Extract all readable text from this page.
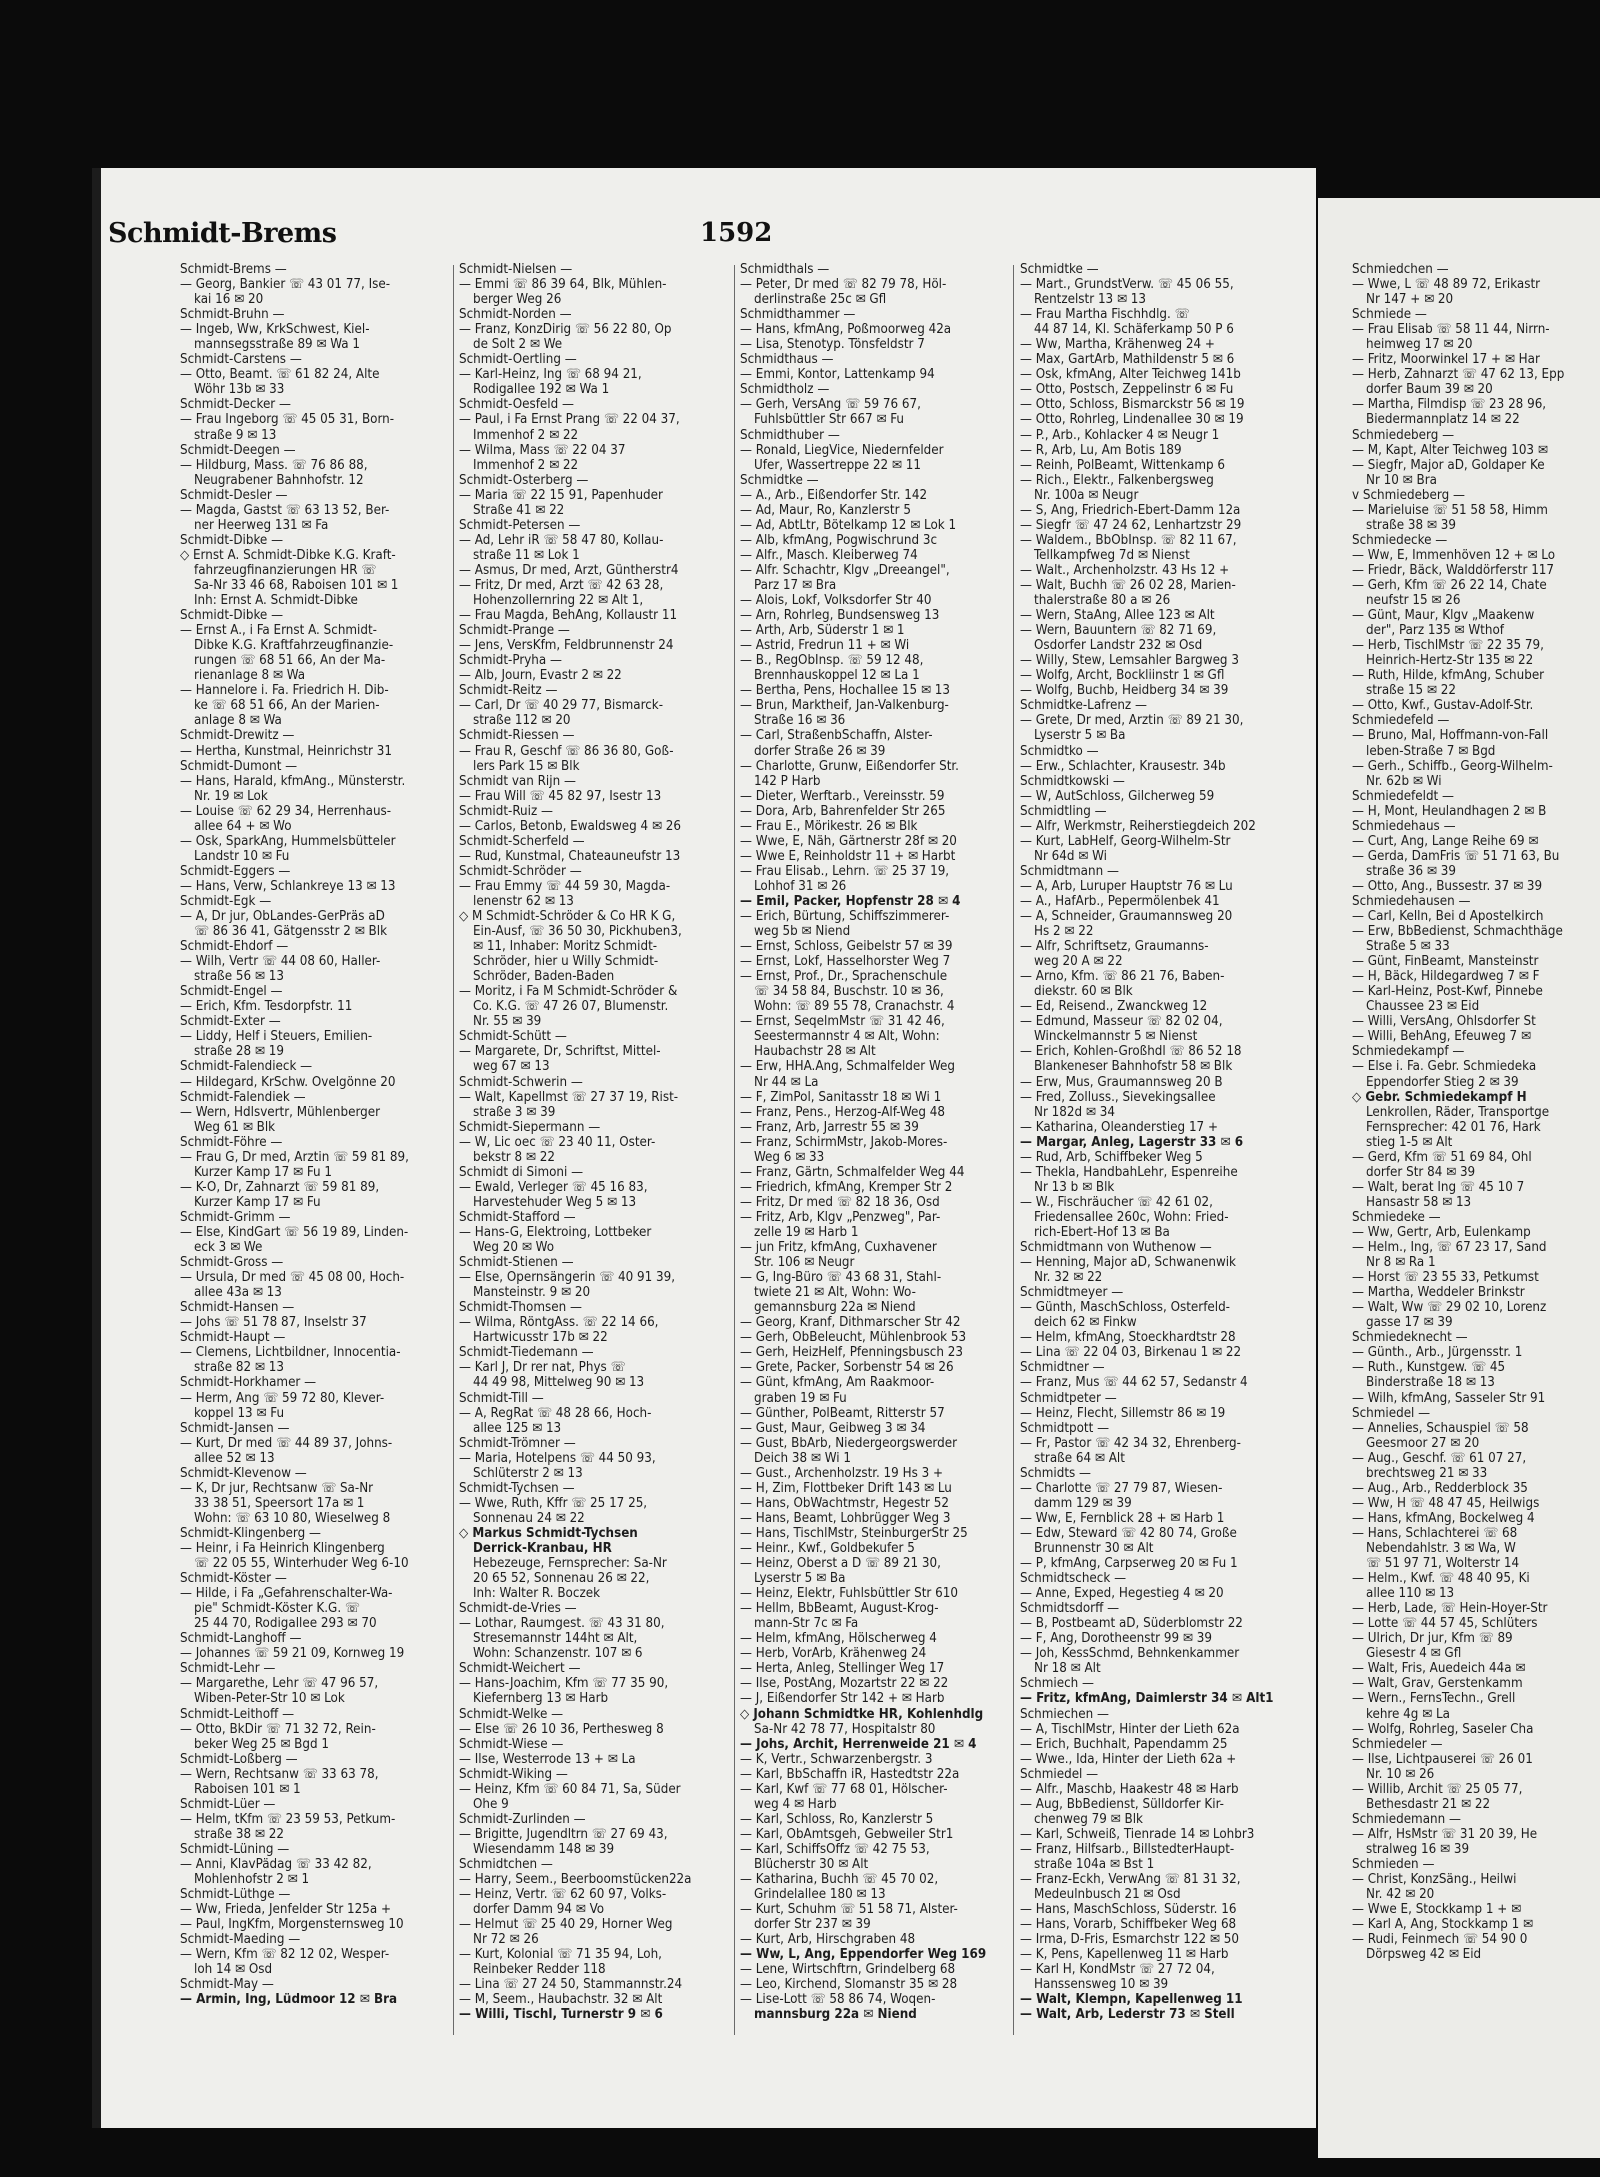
Schmidt-Brems	1592
Schmidt-Brems —
— Georg, Bankier ☏ 43 01 77, Ise-
kai 16 ✉ 20
Schmidt-Bruhn —
— Ingeb, Ww, KrkSchwest, Kiel-
mannsegsstraße 89 ✉ Wa 1
Schmidt-Carstens —
— Otto, Beamt. ☏ 61 82 24, Alte
Wöhr 13b ✉ 33
Schmidt-Decker —
— Frau Ingeborg ☏ 45 05 31, Born-
straße 9 ✉ 13
Schmidt-Deegen —
— Hildburg, Mass. ☏ 76 86 88,
Neugrabener Bahnhofstr. 12
Schmidt-Desler —
— Magda, Gastst ☏ 63 13 52, Ber-
ner Heerweg 131 ✉ Fa
Schmidt-Dibke —
◇ Ernst A. Schmidt-Dibke K.G. Kraft-
fahrzeugfinanzierungen HR ☏
Sa-Nr 33 46 68, Raboisen 101 ✉ 1
Inh: Ernst A. Schmidt-Dibke
Schmidt-Dibke —
— Ernst A., i Fa Ernst A. Schmidt-
Dibke K.G. Kraftfahrzeugfinanzie-
rungen ☏ 68 51 66, An der Ma-
rienanlage 8 ✉ Wa
— Hannelore i. Fa. Friedrich H. Dib-
ke ☏ 68 51 66, An der Marien-
anlage 8 ✉ Wa
Schmidt-Drewitz —
— Hertha, Kunstmal, Heinrichstr 31
Schmidt-Dumont —
— Hans, Harald, kfmAng., Münsterstr.
Nr. 19 ✉ Lok
— Louise ☏ 62 29 34, Herrenhaus-
allee 64 + ✉ Wo
— Osk, SparkAng, Hummelsbütteler
Landstr 10 ✉ Fu
Schmidt-Eggers —
— Hans, Verw, Schlankreye 13 ✉ 13
Schmidt-Egk —
— A, Dr jur, ObLandes-GerPräs aD
☏ 86 36 41, Gätgensstr 2 ✉ Blk
Schmidt-Ehdorf —
— Wilh, Vertr ☏ 44 08 60, Haller-
straße 56 ✉ 13
Schmidt-Engel —
— Erich, Kfm. Tesdorpfstr. 11
Schmidt-Exter —
— Liddy, Helf i Steuers, Emilien-
straße 28 ✉ 19
Schmidt-Falendieck —
— Hildegard, KrSchw. Övelgönne 20
Schmidt-Falendiek —
— Wern, Hdlsvertr, Mühlenberger
Weg 61 ✉ Blk
Schmidt-Föhre —
— Frau G, Dr med, Ärztin ☏ 59 81 89,
Kurzer Kamp 17 ✉ Fu 1
— K-O, Dr, Zahnarzt ☏ 59 81 89,
Kurzer Kamp 17 ✉ Fu
Schmidt-Grimm —
— Else, KindGart ☏ 56 19 89, Linden-
eck 3 ✉ We
Schmidt-Gross —
— Ursula, Dr med ☏ 45 08 00, Hoch-
allee 43a ✉ 13
Schmidt-Hansen —
— Johs ☏ 51 78 87, Inselstr 37
Schmidt-Haupt —
— Clemens, Lichtbildner, Innocentia-
straße 82 ✉ 13
Schmidt-Horkhamer —
— Herm, Ang ☏ 59 72 80, Klever-
koppel 13 ✉ Fu
Schmidt-Jansen —
— Kurt, Dr med ☏ 44 89 37, Johns-
allee 52 ✉ 13
Schmidt-Klevenow —
— K, Dr jur, Rechtsanw ☏ Sa-Nr
33 38 51, Speersort 17a ✉ 1
Wohn: ☏ 63 10 80, Wieselweg 8
Schmidt-Klingenberg —
— Heinr, i Fa Heinrich Klingenberg
☏ 22 05 55, Winterhuder Weg 6-10
Schmidt-Köster —
— Hilde, i Fa „Gefahrenschalter-Wa-
pie" Schmidt-Köster K.G. ☏
25 44 70, Rodigallee 293 ✉ 70
Schmidt-Langhoff —
— Johannes ☏ 59 21 09, Kornweg 19
Schmidt-Lehr —
— Margarethe, Lehr ☏ 47 96 57,
Wiben-Peter-Str 10 ✉ Lok
Schmidt-Leithoff —
— Otto, BkDir ☏ 71 32 72, Rein-
beker Weg 25 ✉ Bgd 1
Schmidt-Loßberg —
— Wern, Rechtsanw ☏ 33 63 78,
Raboisen 101 ✉ 1
Schmidt-Lüer —
— Helm, tKfm ☏ 23 59 53, Petkum-
straße 38 ✉ 22
Schmidt-Lüning —
— Anni, KlavPädag ☏ 33 42 82,
Mohlenhofstr 2 ✉ 1
Schmidt-Lüthge —
— Ww, Frieda, Jenfelder Str 125a +
— Paul, IngKfm, Morgensternsweg 10
Schmidt-Maeding —
— Wern, Kfm ☏ 82 12 02, Wesper-
loh 14 ✉ Osd
Schmidt-May —
— Armin, Ing, Lüdmoor 12 ✉ Bra
Schmidt-Nielsen —
— Emmi ☏ 86 39 64, Blk, Mühlen-
berger Weg 26
Schmidt-Norden —
— Franz, KonzDirig ☏ 56 22 80, Op
de Solt 2 ✉ We
Schmidt-Oertling —
— Karl-Heinz, Ing ☏ 68 94 21,
Rodigallee 192 ✉ Wa 1
Schmidt-Oesfeld —
— Paul, i Fa Ernst Prang ☏ 22 04 37,
Immenhof 2 ✉ 22
— Wilma, Mass ☏ 22 04 37
Immenhof 2 ✉ 22
Schmidt-Osterberg —
— Maria ☏ 22 15 91, Papenhuder
Straße 41 ✉ 22
Schmidt-Petersen —
— Ad, Lehr iR ☏ 58 47 80, Kollau-
straße 11 ✉ Lok 1
— Asmus, Dr med, Arzt, Güntherstr4
— Fritz, Dr med, Arzt ☏ 42 63 28,
Hohenzollernring 22 ✉ Alt 1,
— Frau Magda, BehAng, Kollaustr 11
Schmidt-Prange —
— Jens, VersKfm, Feldbrunnenstr 24
Schmidt-Pryha —
— Alb, Journ, Evastr 2 ✉ 22
Schmidt-Reitz —
— Carl, Dr ☏ 40 29 77, Bismarck-
straße 112 ✉ 20
Schmidt-Riessen —
— Frau R, Geschf ☏ 86 36 80, Goß-
lers Park 15 ✉ Blk
Schmidt van Rijn —
— Frau Will ☏ 45 82 97, Isestr 13
Schmidt-Ruiz —
— Carlos, Betonb, Ewaldsweg 4 ✉ 26
Schmidt-Scherfeld —
— Rud, Kunstmal, Chateauneufstr 13
Schmidt-Schröder —
— Frau Emmy ☏ 44 59 30, Magda-
lenenstr 62 ✉ 13
◇ M Schmidt-Schröder & Co HR K G,
Ein-Ausf, ☏ 36 50 30, Pickhuben3,
✉ 11, Inhaber: Moritz Schmidt-
Schröder, hier u Willy Schmidt-
Schröder, Baden-Baden
— Moritz, i Fa M Schmidt-Schröder &
Co. K.G. ☏ 47 26 07, Blumenstr.
Nr. 55 ✉ 39
Schmidt-Schütt —
— Margarete, Dr, Schriftst, Mittel-
weg 67 ✉ 13
Schmidt-Schwerin —
— Walt, Kapellmst ☏ 27 37 19, Rist-
straße 3 ✉ 39
Schmidt-Siepermann —
— W, Lic oec ☏ 23 40 11, Oster-
bekstr 8 ✉ 22
Schmidt di Simoni —
— Ewald, Verleger ☏ 45 16 83,
Harvestehuder Weg 5 ✉ 13
Schmidt-Stafford —
— Hans-G, Elektroing, Lottbeker
Weg 20 ✉ Wo
Schmidt-Stienen —
— Else, Opernsängerin ☏ 40 91 39,
Mansteinstr. 9 ✉ 20
Schmidt-Thomsen —
— Wilma, RöntgAss. ☏ 22 14 66,
Hartwicusstr 17b ✉ 22
Schmidt-Tiedemann —
— Karl J, Dr rer nat, Phys ☏
44 49 98, Mittelweg 90 ✉ 13
Schmidt-Till —
— A, RegRat ☏ 48 28 66, Hoch-
allee 125 ✉ 13
Schmidt-Trömner —
— Maria, Hotelpens ☏ 44 50 93,
Schlüterstr 2 ✉ 13
Schmidt-Tychsen —
— Wwe, Ruth, Kffr ☏ 25 17 25,
Sonnenau 24 ✉ 22
◇ Markus Schmidt-Tychsen
Derrick-Kranbau, HR
Hebezeuge, Fernsprecher: Sa-Nr
20 65 52, Sonnenau 26 ✉ 22,
Inh: Walter R. Boczek
Schmidt-de-Vries —
— Lothar, Raumgest. ☏ 43 31 80,
Stresemannstr 144ht ✉ Alt,
Wohn: Schanzenstr. 107 ✉ 6
Schmidt-Weichert —
— Hans-Joachim, Kfm ☏ 77 35 90,
Kiefernberg 13 ✉ Harb
Schmidt-Welke —
— Else ☏ 26 10 36, Perthesweg 8
Schmidt-Wiese —
— Ilse, Westerrode 13 + ✉ La
Schmidt-Wiking —
— Heinz, Kfm ☏ 60 84 71, Sa, Süder
Ohe 9
Schmidt-Zurlinden —
— Brigitte, Jugendltrn ☏ 27 69 43,
Wiesendamm 148 ✉ 39
Schmidtchen —
— Harry, Seem., Beerboomstücken22a
— Heinz, Vertr. ☏ 62 60 97, Volks-
dorfer Damm 94 ✉ Vo
— Helmut ☏ 25 40 29, Horner Weg
Nr 72 ✉ 26
— Kurt, Kolonial ☏ 71 35 94, Loh,
Reinbeker Redder 118
— Lina ☏ 27 24 50, Stammannstr.24
— M, Seem., Haubachstr. 32 ✉ Alt
— Willi, Tischl, Turnerstr 9 ✉ 6
Schmidthals —
— Peter, Dr med ☏ 82 79 78, Höl-
derlinstraße 25c ✉ Gfl
Schmidthammer —
— Hans, kfmAng, Poßmoorweg 42a
— Lisa, Stenotyp. Tönsfeldstr 7
Schmidthaus —
— Emmi, Kontor, Lattenkamp 94
Schmidtholz —
— Gerh, VersAng ☏ 59 76 67,
Fuhlsbüttler Str 667 ✉ Fu
Schmidthuber —
— Ronald, LiegVice, Niedernfelder
Ufer, Wassertreppe 22 ✉ 11
Schmidtke —
— A., Arb., Eißendorfer Str. 142
— Ad, Maur, Ro, Kanzlerstr 5
— Ad, AbtLtr, Bötelkamp 12 ✉ Lok 1
— Alb, kfmAng, Pogwischrund 3c
— Alfr., Masch. Kleiberweg 74
— Alfr. Schachtr, Klgv „Dreeangel",
Parz 17 ✉ Bra
— Alois, Lokf, Volksdorfer Str 40
— Arn, Rohrleg, Bundsensweg 13
— Arth, Arb, Süderstr 1 ✉ 1
— Astrid, Fredrun 11 + ✉ Wi
— B., RegObInsp. ☏ 59 12 48,
Brennhauskoppel 12 ✉ La 1
— Bertha, Pens, Hochallee 15 ✉ 13
— Brun, Marktheif, Jan-Valkenburg-
Straße 16 ✉ 36
— Carl, StraßenbSchaffn, Alster-
dorfer Straße 26 ✉ 39
— Charlotte, Grunw, Eißendorfer Str.
142 P Harb
— Dieter, Werftarb., Vereinsstr. 59
— Dora, Arb, Bahrenfelder Str 265
— Frau E., Mörikestr. 26 ✉ Blk
— Wwe, E, Näh, Gärtnerstr 28f ✉ 20
— Wwe E, Reinholdstr 11 + ✉ Harbt
— Frau Elisab., Lehrn. ☏ 25 37 19,
Lohhof 31 ✉ 26
— Emil, Packer, Hopfenstr 28 ✉ 4
— Erich, Bürtung, Schiffszimmerer-
weg 5b ✉ Niend
— Ernst, Schloss, Geibelstr 57 ✉ 39
— Ernst, Lokf, Hasselhorster Weg 7
— Ernst, Prof., Dr., Sprachenschule
☏ 34 58 84, Buschstr. 10 ✉ 36,
Wohn: ☏ 89 55 78, Cranachstr. 4
— Ernst, SeqelmMstr ☏ 31 42 46,
Seestermannstr 4 ✉ Alt, Wohn:
Haubachstr 28 ✉ Alt
— Erw, HHA.Ang, Schmalfelder Weg
Nr 44 ✉ La
— F, ZimPol, Sanitasstr 18 ✉ Wi 1
— Franz, Pens., Herzog-Alf-Weg 48
— Franz, Arb, Jarrestr 55 ✉ 39
— Franz, SchirmMstr, Jakob-Mores-
Weg 6 ✉ 33
— Franz, Gärtn, Schmalfelder Weg 44
— Friedrich, kfmAng, Kremper Str 2
— Fritz, Dr med ☏ 82 18 36, Osd
— Fritz, Arb, Klgv „Penzweg", Par-
zelle 19 ✉ Harb 1
— jun Fritz, kfmAng, Cuxhavener
Str. 106 ✉ Neugr
— G, Ing-Büro ☏ 43 68 31, Stahl-
twiete 21 ✉ Alt, Wohn: Wo-
gemannsburg 22a ✉ Niend
— Georg, Kranf, Dithmarscher Str 42
— Gerh, ObBeleucht, Mühlenbrook 53
— Gerh, HeizHelf, Pfenningsbusch 23
— Grete, Packer, Sorbenstr 54 ✉ 26
— Günt, kfmAng, Am Raakmoor-
graben 19 ✉ Fu
— Günther, PolBeamt, Ritterstr 57
— Gust, Maur, Geibweg 3 ✉ 34
— Gust, BbArb, Niedergeorgswerder
Deich 38 ✉ Wi 1
— Gust., Archenholzstr. 19 Hs 3 +
— H, Zim, Flottbeker Drift 143 ✉ Lu
— Hans, ObWachtmstr, Hegestr 52
— Hans, Beamt, Lohbrügger Weg 3
— Hans, TischlMstr, SteinburgerStr 25
— Heinr., Kwf., Goldbekufer 5
— Heinz, Oberst a D ☏ 89 21 30,
Lyserstr 5 ✉ Ba
— Heinz, Elektr, Fuhlsbüttler Str 610
— Hellm, BbBeamt, August-Krog-
mann-Str 7c ✉ Fa
— Helm, kfmAng, Hölscherweg 4
— Herb, VorArb, Krähenweg 24
— Herta, Anleg, Stellinger Weg 17
— Ilse, PostAng, Mozartstr 22 ✉ 22
— J, Eißendorfer Str 142 + ✉ Harb
◇ Johann Schmidtke HR, Kohlenhdlg
Sa-Nr 42 78 77, Hospitalstr 80
— Johs, Archit, Herrenweide 21 ✉ 4
— K, Vertr., Schwarzenbergstr. 3
— Karl, BbSchaffn iR, Hastedtstr 22a
— Karl, Kwf ☏ 77 68 01, Hölscher-
weg 4 ✉ Harb
— Karl, Schloss, Ro, Kanzlerstr 5
— Karl, ObAmtsgeh, Gebweiler Str1
— Karl, SchiffsOffz ☏ 42 75 53,
Blücherstr 30 ✉ Alt
— Katharina, Buchh ☏ 45 70 02,
Grindelallee 180 ✉ 13
— Kurt, Schuhm ☏ 51 58 71, Alster-
dorfer Str 237 ✉ 39
— Kurt, Arb, Hirschgraben 48
— Ww, L, Ang, Eppendorfer Weg 169
— Lene, Wirtschftrn, Grindelberg 68
— Leo, Kirchend, Slomanstr 35 ✉ 28
— Lise-Lott ☏ 58 86 74, Woqen-
mannsburg 22a ✉ Niend
Schmidtke —
— Mart., GrundstVerw. ☏ 45 06 55,
Rentzelstr 13 ✉ 13
— Frau Martha Fischhdlg. ☏
44 87 14, Kl. Schäferkamp 50 P 6
— Ww, Martha, Krähenweg 24 +
— Max, GartArb, Mathildenstr 5 ✉ 6
— Osk, kfmAng, Alter Teichweg 141b
— Otto, Postsch, Zeppelinstr 6 ✉ Fu
— Otto, Schloss, Bismarckstr 56 ✉ 19
— Otto, Rohrleg, Lindenallee 30 ✉ 19
— P., Arb., Kohlacker 4 ✉ Neugr 1
— R, Arb, Lu, Am Botis 189
— Reinh, PolBeamt, Wittenkamp 6
— Rich., Elektr., Falkenbergsweg
Nr. 100a ✉ Neugr
— S, Ang, Friedrich-Ebert-Damm 12a
— Siegfr ☏ 47 24 62, Lenhartzstr 29
— Waldem., BbObInsp. ☏ 82 11 67,
Tellkampfweg 7d ✉ Nienst
— Walt., Archenholzstr. 43 Hs 12 +
— Walt, Buchh ☏ 26 02 28, Marien-
thalerstraße 80 a ✉ 26
— Wern, StaAng, Allee 123 ✉ Alt
— Wern, Bauuntern ☏ 82 71 69,
Osdorfer Landstr 232 ✉ Osd
— Willy, Stew, Lemsahler Bargweg 3
— Wolfg, Archt, Bockliinstr 1 ✉ Gfl
— Wolfg, Buchb, Heidberg 34 ✉ 39
Schmidtke-Lafrenz —
— Grete, Dr med, Ärztin ☏ 89 21 30,
Lyserstr 5 ✉ Ba
Schmidtko —
— Erw., Schlachter, Krausestr. 34b
Schmidtkowski —
— W, AutSchloss, Gilcherweg 59
Schmidtling —
— Alfr, Werkmstr, Reiherstiegdeich 202
— Kurt, LabHelf, Georg-Wilhelm-Str
Nr 64d ✉ Wi
Schmidtmann —
— A, Arb, Luruper Hauptstr 76 ✉ Lu
— A., HafArb., Pepermölenbek 41
— A, Schneider, Graumannsweg 20
Hs 2 ✉ 22
— Alfr, Schriftsetz, Graumanns-
weg 20 A ✉ 22
— Arno, Kfm. ☏ 86 21 76, Baben-
diekstr. 60 ✉ Blk
— Ed, Reisend., Zwanckweg 12
— Edmund, Masseur ☏ 82 02 04,
Winckelmannstr 5 ✉ Nienst
— Erich, Kohlen-Großhdl ☏ 86 52 18
Blankeneser Bahnhofstr 58 ✉ Blk
— Erw, Mus, Graumannsweg 20 B
— Fred, Zolluss., Sievekingsallee
Nr 182d ✉ 34
— Katharina, Oleanderstieg 17 +
— Margar, Anleg, Lagerstr 33 ✉ 6
— Rud, Arb, Schiffbeker Weg 5
— Thekla, HandbahLehr, Espenreihe
Nr 13 b ✉ Blk
— W., Fischräucher ☏ 42 61 02,
Friedensallee 260c, Wohn: Fried-
rich-Ebert-Hof 13 ✉ Ba
Schmidtmann von Wuthenow —
— Henning, Major aD, Schwanenwik
Nr. 32 ✉ 22
Schmidtmeyer —
— Günth, MaschSchloss, Osterfeld-
deich 62 ✉ Finkw
— Helm, kfmAng, Stoeckhardtstr 28
— Lina ☏ 22 04 03, Birkenau 1 ✉ 22
Schmidtner —
— Franz, Mus ☏ 44 62 57, Sedanstr 4
Schmidtpeter —
— Heinz, Flecht, Sillemstr 86 ✉ 19
Schmidtpott —
— Fr, Pastor ☏ 42 34 32, Ehrenberg-
straße 64 ✉ Alt
Schmidts —
— Charlotte ☏ 27 79 87, Wiesen-
damm 129 ✉ 39
— Ww, E, Fernblick 28 + ✉ Harb 1
— Edw, Steward ☏ 42 80 74, Große
Brunnenstr 30 ✉ Alt
— P, kfmAng, Carpserweg 20 ✉ Fu 1
Schmidtscheck —
— Anne, Exped, Hegestieg 4 ✉ 20
Schmidtsdorff —
— B, Postbeamt aD, Süderblomstr 22
— F, Ang, Dorotheenstr 99 ✉ 39
— Joh, KessSchmd, Behnkenkammer
Nr 18 ✉ Alt
Schmiech —
— Fritz, kfmAng, Daimlerstr 34 ✉ Alt1
Schmiechen —
— A, TischlMstr, Hinter der Lieth 62a
— Erich, Buchhalt, Papendamm 25
— Wwe., Ida, Hinter der Lieth 62a +
Schmiedel —
— Alfr., Maschb, Haakestr 48 ✉ Harb
— Aug, BbBedienst, Sülldorfer Kir-
chenweg 79 ✉ Blk
— Karl, Schweiß, Tienrade 14 ✉ Lohbr3
— Franz, Hilfsarb., BillstedterHaupt-
straße 104a ✉ Bst 1
— Franz-Eckh, VerwAng ☏ 81 31 32,
Medeulnbusch 21 ✉ Osd
— Hans, MaschSchloss, Süderstr. 16
— Hans, Vorarb, Schiffbeker Weg 68
— Irma, D-Fris, Esmarchstr 122 ✉ 50
— K, Pens, Kapellenweg 11 ✉ Harb
— Karl H, KondMstr ☏ 27 72 04,
Hanssensweg 10 ✉ 39
— Walt, Klempn, Kapellenweg 11
— Walt, Arb, Lederstr 73 ✉ Stell
Schmiedchen —
— Wwe, L ☏ 48 89 72, Erikastr
Nr 147 + ✉ 20
Schmiede —
— Frau Elisab ☏ 58 11 44, Nirrn-
heimweg 17 ✉ 20
— Fritz, Moorwinkel 17 + ✉ Har
— Herb, Zahnarzt ☏ 47 62 13, Epp
dorfer Baum 39 ✉ 20
— Martha, Filmdisp ☏ 23 28 96,
Biedermannplatz 14 ✉ 22
Schmiedeberg —
— M, Kapt, Alter Teichweg 103 ✉
— Siegfr, Major aD, Goldaper Ke
Nr 10 ✉ Bra
v Schmiedeberg —
— Marieluise ☏ 51 58 58, Himm
straße 38 ✉ 39
Schmiedecke —
— Ww, E, Immenhöven 12 + ✉ Lo
— Friedr, Bäck, Walddörferstr 117
— Gerh, Kfm ☏ 26 22 14, Chate
neufstr 15 ✉ 26
— Günt, Maur, Klgv „Maakenw
der", Parz 135 ✉ Wthof
— Herb, TischlMstr ☏ 22 35 79,
Heinrich-Hertz-Str 135 ✉ 22
— Ruth, Hilde, kfmAng, Schuber
straße 15 ✉ 22
— Otto, Kwf., Gustav-Adolf-Str.
Schmiedefeld —
— Bruno, Mal, Hoffmann-von-Fall
leben-Straße 7 ✉ Bgd
— Gerh., Schiffb., Georg-Wilhelm-
Nr. 62b ✉ Wi
Schmiedefeldt —
— H, Mont, Heulandhagen 2 ✉ B
Schmiedehaus —
— Curt, Ang, Lange Reihe 69 ✉
— Gerda, DamFris ☏ 51 71 63, Bu
straße 36 ✉ 39
— Otto, Ang., Bussestr. 37 ✉ 39
Schmiedehausen —
— Carl, Kelln, Bei d Apostelkirch
— Erw, BbBedienst, Schmachthäge
Straße 5 ✉ 33
— Günt, FinBeamt, Mansteinstr
— H, Bäck, Hildegardweg 7 ✉ F
— Karl-Heinz, Post-Kwf, Pinnebe
Chaussee 23 ✉ Eid
— Willi, VersAng, Ohlsdorfer St
— Willi, BehAng, Efeuweg 7 ✉
Schmiedekampf —
— Else i. Fa. Gebr. Schmiedeka
Eppendorfer Stieg 2 ✉ 39
◇ Gebr. Schmiedekampf H
Lenkrollen, Räder, Transportge
Fernsprecher: 42 01 76, Hark
stieg 1-5 ✉ Alt
— Gerd, Kfm ☏ 51 69 84, Ohl
dorfer Str 84 ✉ 39
— Walt, berat Ing ☏ 45 10 7
Hansastr 58 ✉ 13
Schmiedeke —
— Ww, Gertr, Arb, Eulenkamp
— Helm., Ing, ☏ 67 23 17, Sand
Nr 8 ✉ Ra 1
— Horst ☏ 23 55 33, Petkumst
— Martha, Weddeler Brinkstr
— Walt, Ww ☏ 29 02 10, Lorenz
gasse 17 ✉ 39
Schmiedeknecht —
— Günth., Arb., Jürgensstr. 1
— Ruth., Kunstgew. ☏ 45
Binderstraße 18 ✉ 13
— Wilh, kfmAng, Sasseler Str 91
Schmiedel —
— Annelies, Schauspiel ☏ 58
Geesmoor 27 ✉ 20
— Aug., Geschf. ☏ 61 07 27,
brechtsweg 21 ✉ 33
— Aug., Arb., Redderblock 35
— Ww, H ☏ 48 47 45, Heilwigs
— Hans, kfmAng, Bockelweg 4
— Hans, Schlachterei ☏ 68
Nebendahlstr. 3 ✉ Wa, W
☏ 51 97 71, Wolterstr 14
— Helm., Kwf. ☏ 48 40 95, Ki
allee 110 ✉ 13
— Herb, Lade, ☏ Hein-Hoyer-Str
— Lotte ☏ 44 57 45, Schlüters
— Ulrich, Dr jur, Kfm ☏ 89
Giesestr 4 ✉ Gfl
— Walt, Fris, Auedeich 44a ✉
— Walt, Grav, Gerstenkamm
— Wern., FernsTechn., Grell
kehre 4g ✉ La
— Wolfg, Rohrleg, Saseler Cha
Schmiedeler —
— Ilse, Lichtpauserei ☏ 26 01
Nr. 10 ✉ 26
— Willib, Archit ☏ 25 05 77,
Bethesdastr 21 ✉ 22
Schmiedemann —
— Alfr, HsMstr ☏ 31 20 39, He
stralweg 16 ✉ 39
Schmieden —
— Christ, KonzSäng., Heilwi
Nr. 42 ✉ 20
— Wwe E, Stockkamp 1 + ✉
— Karl A, Ang, Stockkamp 1 ✉
— Rudi, Feinmech ☏ 54 90 0
Dörpsweg 42 ✉ Eid
